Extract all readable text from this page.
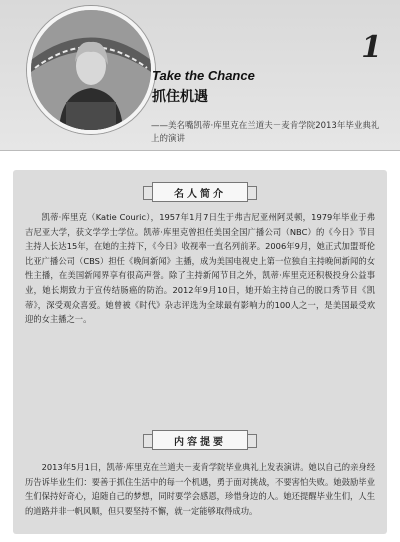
1
Take the Chance
抓住机遇
——美名嘴凯蒂·库里克在兰道夫－麦肯学院2013年毕业典礼上的演讲
名人简介
凯蒂·库里克（Katie Couric），1957年1月7日生于弗吉尼亚州阿灵顿，1979年毕业于弗吉尼亚大学，获文学学士学位。凯蒂·库里克曾担任美国全国广播公司（NBC）的《今日》节目主持人长达15年，在她的主持下，《今日》收视率一直名列前茅。2006年9月，她正式加盟哥伦比亚广播公司（CBS）担任《晚间新闻》主播，成为美国电视史上第一位独自主持晚间新闻的女性主播，在美国新闻界享有很高声誉。除了主持新闻节目之外，凯蒂·库里克还积极投身公益事业，她长期致力于宣传结肠癌的防治。2012年9月10日，她开始主持自己的脱口秀节目《凯蒂》，深受观众喜爱。她曾被《时代》杂志评选为全球最有影响力的100人之一，是美国最受欢迎的女主播之一。
内容提要
2013年5月1日，凯蒂·库里克在兰道夫－麦肯学院毕业典礼上发表演讲。她以自己的亲身经历告诉毕业生们：要善于抓住生活中的每一个机遇，勇于面对挑战，不要害怕失败。她鼓励毕业生们保持好奇心，追随自己的梦想，同时要学会感恩，珍惜身边的人。她还提醒毕业生们，人生的道路并非一帆风顺，但只要坚持不懈，就一定能够取得成功。
